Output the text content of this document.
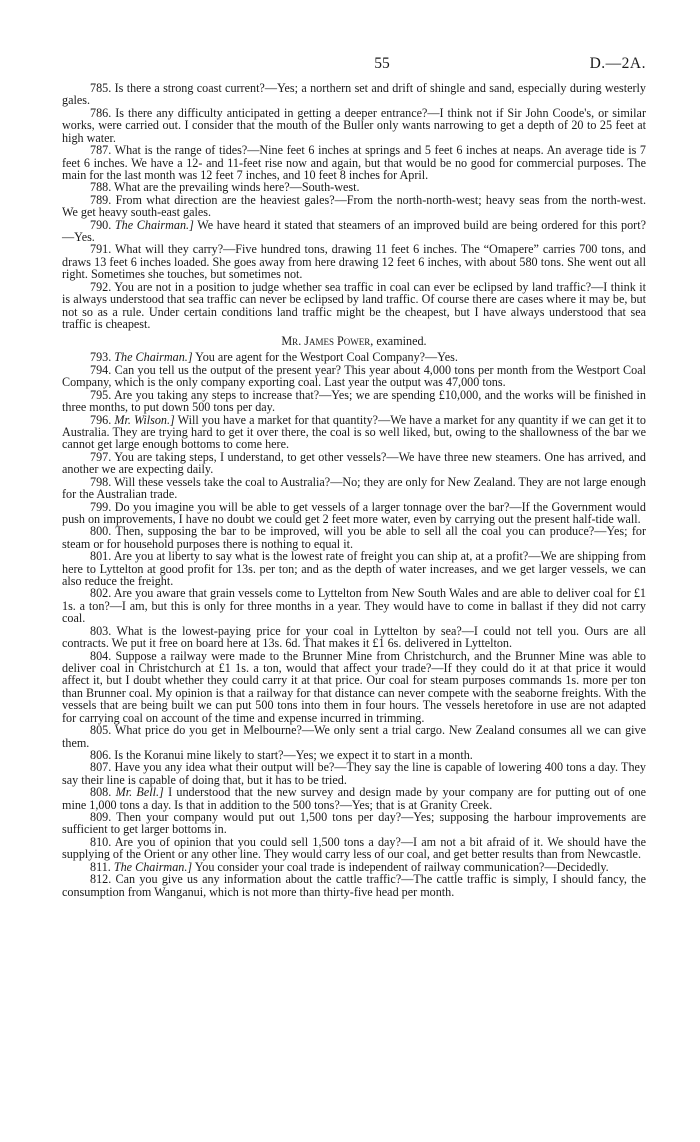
55	D.—2A.

785. Is there a strong coast current?—Yes; a northern set and drift of shingle and sand, especially during westerly gales.

786. Is there any difficulty anticipated in getting a deeper entrance?—I think not if Sir John Coode's, or similar works, were carried out. I consider that the mouth of the Buller only wants narrowing to get a depth of 20 to 25 feet at high water.

787. What is the range of tides?—Nine feet 6 inches at springs and 5 feet 6 inches at neaps. An average tide is 7 feet 6 inches. We have a 12- and 11-feet rise now and again, but that would be no good for commercial purposes. The main for the last month was 12 feet 7 inches, and 10 feet 8 inches for April.

788. What are the prevailing winds here?—South-west.

789. From what direction are the heaviest gales?—From the north-north-west; heavy seas from the north-west. We get heavy south-east gales.

790. The Chairman.] We have heard it stated that steamers of an improved build are being ordered for this port?—Yes.

791. What will they carry?—Five hundred tons, drawing 11 feet 6 inches. The “Omapere” carries 700 tons, and draws 13 feet 6 inches loaded. She goes away from here drawing 12 feet 6 inches, with about 580 tons. She went out all right. Sometimes she touches, but sometimes not.

792. You are not in a position to judge whether sea traffic in coal can ever be eclipsed by land traffic?—I think it is always understood that sea traffic can never be eclipsed by land traffic. Of course there are cases where it may be, but not so as a rule. Under certain conditions land traffic might be the cheapest, but I have always understood that sea traffic is cheapest.

Mr. James Power, examined.

793. The Chairman.] You are agent for the Westport Coal Company?—Yes.

794. Can you tell us the output of the present year? This year about 4,000 tons per month from the Westport Coal Company, which is the only company exporting coal. Last year the output was 47,000 tons.

795. Are you taking any steps to increase that?—Yes; we are spending £10,000, and the works will be finished in three months, to put down 500 tons per day.

796. Mr. Wilson.] Will you have a market for that quantity?—We have a market for any quantity if we can get it to Australia. They are trying hard to get it over there, the coal is so well liked, but, owing to the shallowness of the bar we cannot get large enough bottoms to come here.

797. You are taking steps, I understand, to get other vessels?—We have three new steamers. One has arrived, and another we are expecting daily.

798. Will these vessels take the coal to Australia?—No; they are only for New Zealand. They are not large enough for the Australian trade.

799. Do you imagine you will be able to get vessels of a larger tonnage over the bar?—If the Government would push on improvements, I have no doubt we could get 2 feet more water, even by carrying out the present half-tide wall.

800. Then, supposing the bar to be improved, will you be able to sell all the coal you can produce?—Yes; for steam or for household purposes there is nothing to equal it.

801. Are you at liberty to say what is the lowest rate of freight you can ship at, at a profit?—We are shipping from here to Lyttelton at good profit for 13s. per ton; and as the depth of water increases, and we get larger vessels, we can also reduce the freight.

802. Are you aware that grain vessels come to Lyttelton from New South Wales and are able to deliver coal for £1 1s. a ton?—I am, but this is only for three months in a year. They would have to come in ballast if they did not carry coal.

803. What is the lowest-paying price for your coal in Lyttelton by sea?—I could not tell you. Ours are all contracts. We put it free on board here at 13s. 6d. That makes it £1 6s. delivered in Lyttelton.

804. Suppose a railway were made to the Brunner Mine from Christchurch, and the Brunner Mine was able to deliver coal in Christchurch at £1 1s. a ton, would that affect your trade?—If they could do it at that price it would affect it, but I doubt whether they could carry it at that price. Our coal for steam purposes commands 1s. more per ton than Brunner coal. My opinion is that a railway for that distance can never compete with the seaborne freights. With the vessels that are being built we can put 500 tons into them in four hours. The vessels heretofore in use are not adapted for carrying coal on account of the time and expense incurred in trimming.

805. What price do you get in Melbourne?—We only sent a trial cargo. New Zealand consumes all we can give them.

806. Is the Koranui mine likely to start?—Yes; we expect it to start in a month.

807. Have you any idea what their output will be?—They say the line is capable of lowering 400 tons a day. They say their line is capable of doing that, but it has to be tried.

808. Mr. Bell.] I understood that the new survey and design made by your company are for putting out of one mine 1,000 tons a day. Is that in addition to the 500 tons?—Yes; that is at Granity Creek.

809. Then your company would put out 1,500 tons per day?—Yes; supposing the harbour improvements are sufficient to get larger bottoms in.

810. Are you of opinion that you could sell 1,500 tons a day?—I am not a bit afraid of it. We should have the supplying of the Orient or any other line. They would carry less of our coal, and get better results than from Newcastle.

811. The Chairman.] You consider your coal trade is independent of railway communication?—Decidedly.

812. Can you give us any information about the cattle traffic?—The cattle traffic is simply, I should fancy, the consumption from Wanganui, which is not more than thirty-five head per month.
